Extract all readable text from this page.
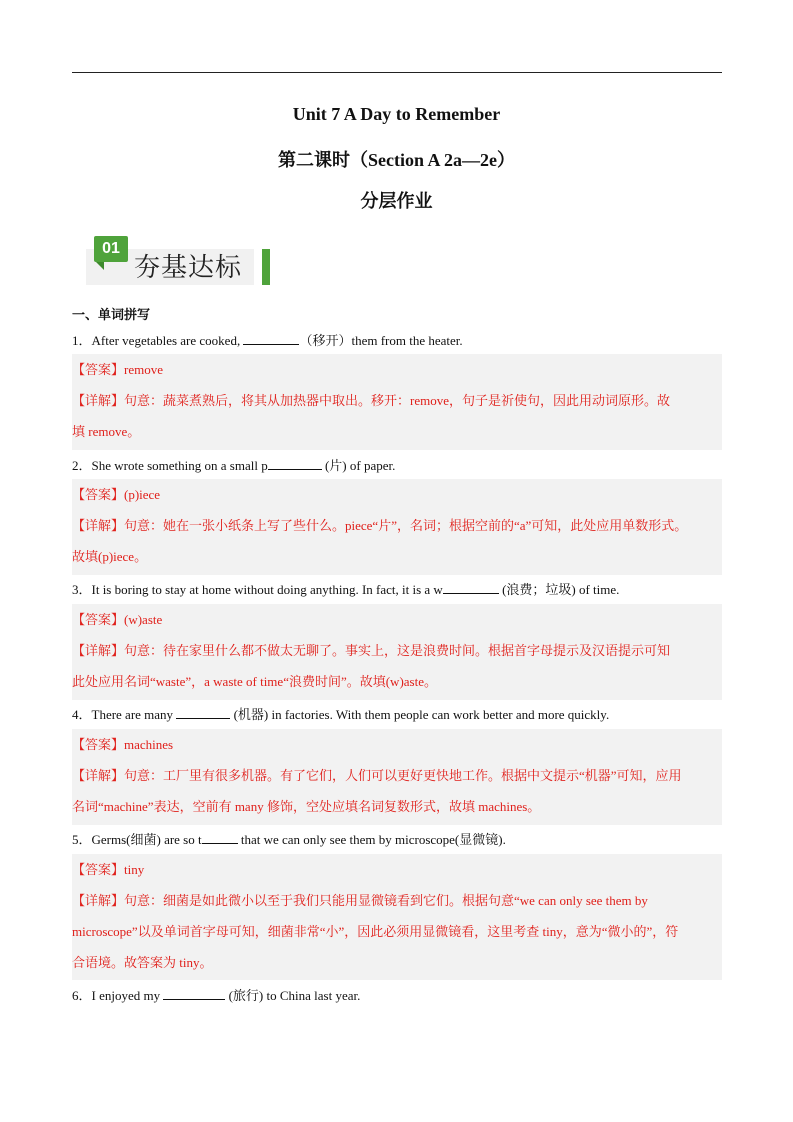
Unit 7 A Day to Remember
第二课时（Section A 2a—2e）
分层作业
01
夯基达标
一、单词拼写
1．After vegetables are cooked,	（移开）them from the heater.
【答案】remove
【详解】句意：蔬菜煮熟后，将其从加热器中取出。移开：remove，句子是祈使句，因此用动词原形。故
填 remove。
2．She wrote something on a small p	(片) of paper.
【答案】(p)iece
【详解】句意：她在一张小纸条上写了些什么。piece“片”，名词；根据空前的“a”可知，此处应用单数形式。
故填(p)iece。
3．It is boring to stay at home without doing anything. In fact, it is a w	(浪费；垃圾) of time.
【答案】(w)aste
【详解】句意：待在家里什么都不做太无聊了。事实上，这是浪费时间。根据首字母提示及汉语提示可知
此处应用名词“waste”，a waste of time“浪费时间”。故填(w)aste。
4．There are many	(机器) in factories. With them people can work better and more quickly.
【答案】machines
【详解】句意：工厂里有很多机器。有了它们，人们可以更好更快地工作。根据中文提示“机器”可知，应用
名词“machine”表达，空前有 many 修饰，空处应填名词复数形式，故填 machines。
5．Germs(细菌) are so t	that we can only see them by microscope(显微镜).
【答案】tiny
【详解】句意：细菌是如此微小以至于我们只能用显微镜看到它们。根据句意“we can only see them by
microscope”以及单词首字母可知，细菌非常“小”，因此必须用显微镜看，这里考查 tiny，意为“微小的”，符
合语境。故答案为 tiny。
6．I enjoyed my	(旅行) to China last year.
